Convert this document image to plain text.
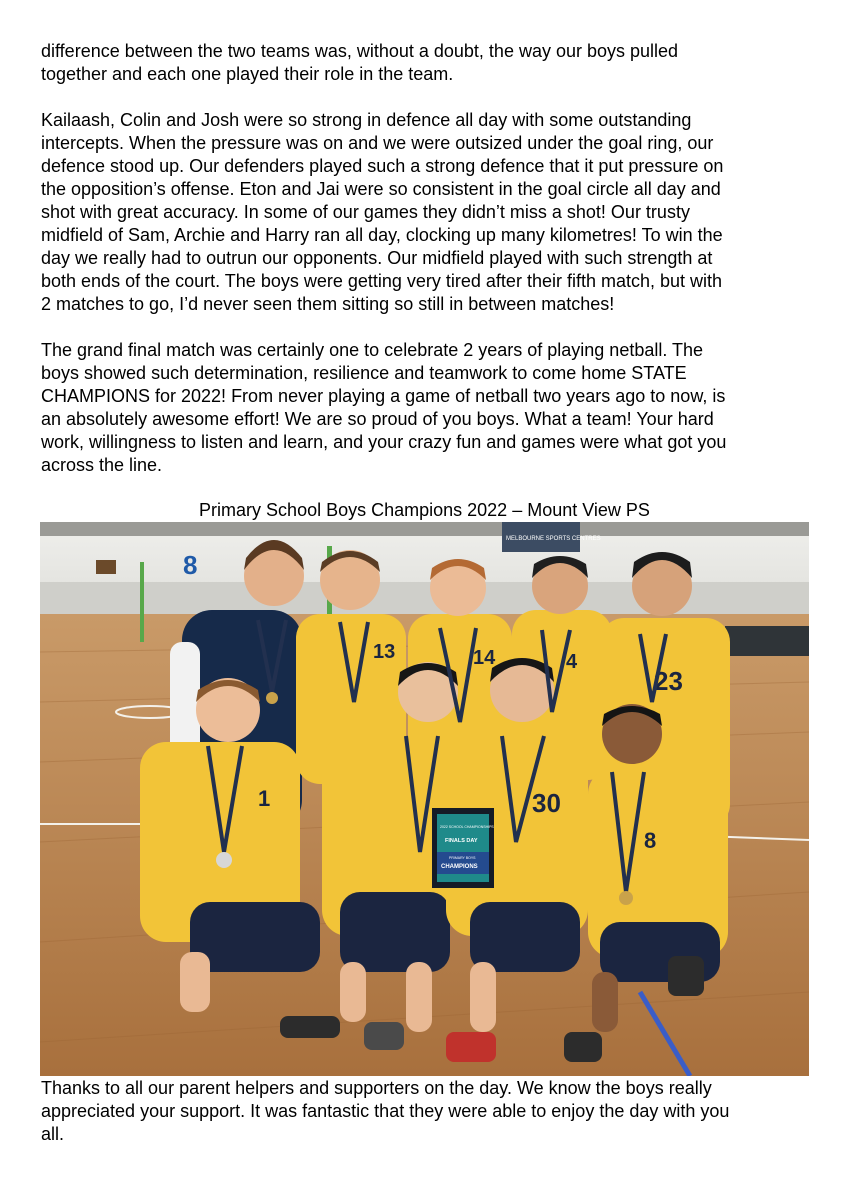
difference between the two teams was, without a doubt, the way our boys pulled
together and each one played their role in the team.

Kailaash, Colin and Josh were so strong in defence all day with some outstanding
intercepts. When the pressure was on and we were outsized under the goal ring, our
defence stood up. Our defenders played such a strong defence that it put pressure on
the opposition’s offense. Eton and Jai were so consistent in the goal circle all day and
shot with great accuracy. In some of our games they didn’t miss a shot! Our trusty
midfield of Sam, Archie and Harry ran all day, clocking up many kilometres! To win the
day we really had to outrun our opponents. Our midfield played with such strength at
both ends of the court. The boys were getting very tired after their fifth match, but with
2 matches to go, I’d never seen them sitting so still in between matches!

The grand final match was certainly one to celebrate 2 years of playing netball. The
boys showed such determination, resilience and teamwork to come home STATE
CHAMPIONS for 2022! From never playing a game of netball two years ago to now, is
an absolutely awesome effort! We are so proud of you boys. What a team! Your hard
work, willingness to listen and learn, and your crazy fun and games were what got you
across the line.

Primary School Boys Champions 2022 – Mount View PS
8
MELBOURNE SPORTS CENTRES
13	14	4
23
1	30
8
2022 SCHOOL CHAMPIONSHIPS
FINALS DAY
PRIMARY BOYS
CHAMPIONS

Thanks to all our parent helpers and supporters on the day. We know the boys really
appreciated your support. It was fantastic that they were able to enjoy the day with you
all.
